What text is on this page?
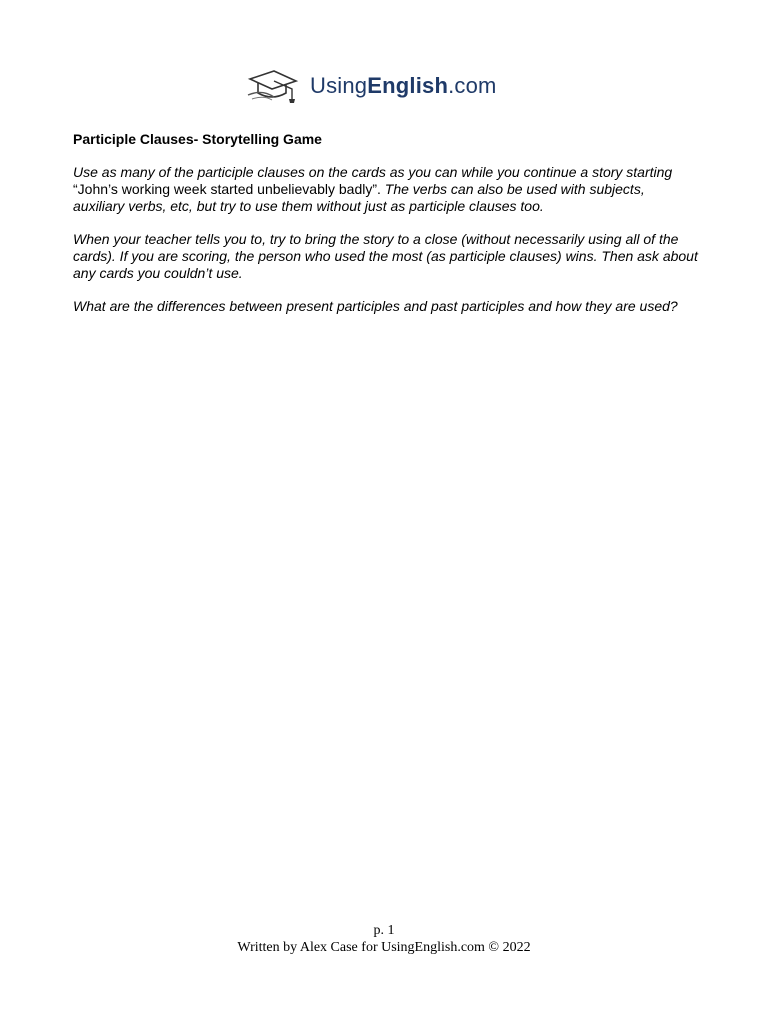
UsingEnglish.com

Participle Clauses- Storytelling Game

Use as many of the participle clauses on the cards as you can while you continue a story starting “John’s working week started unbelievably badly”. The verbs can also be used with subjects, auxiliary verbs, etc, but try to use them without just as participle clauses too.

When your teacher tells you to, try to bring the story to a close (without necessarily using all of the cards). If you are scoring, the person who used the most (as participle clauses) wins. Then ask about any cards you couldn’t use.

What are the differences between present participles and past participles and how they are used?

p. 1
Written by Alex Case for UsingEnglish.com © 2022
